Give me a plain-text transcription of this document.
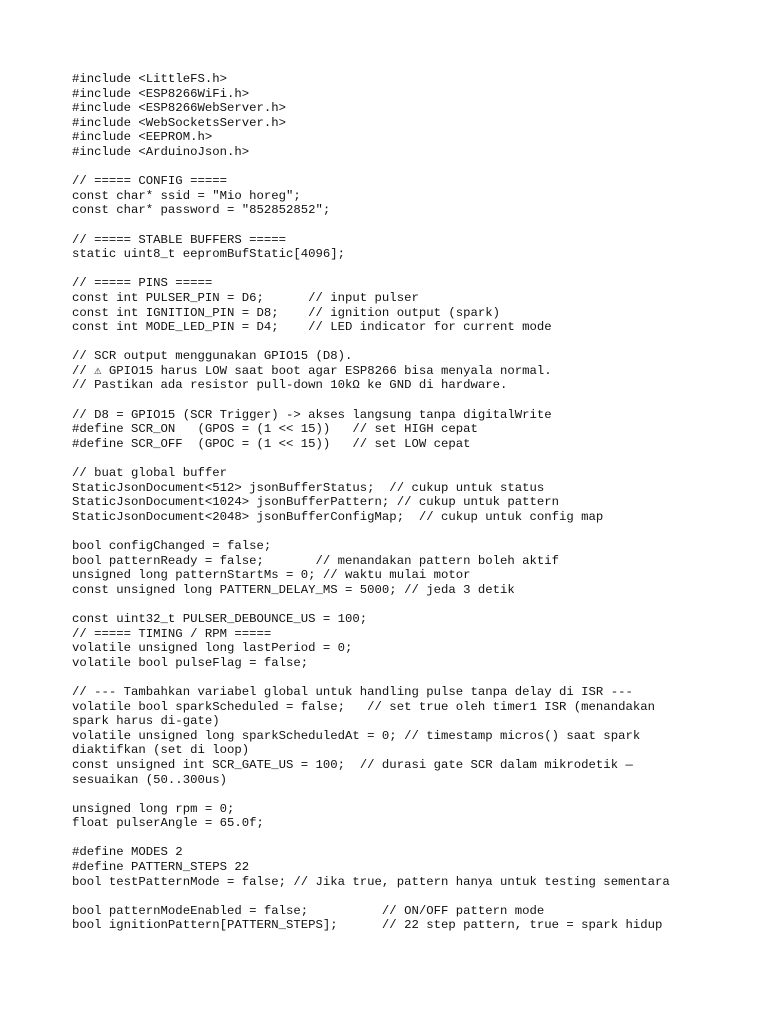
#include <LittleFS.h>
#include <ESP8266WiFi.h>
#include <ESP8266WebServer.h>
#include <WebSocketsServer.h>
#include <EEPROM.h>
#include <ArduinoJson.h>
// ===== CONFIG =====
const char* ssid = "Mio horeg";
const char* password = "852852852";
// ===== STABLE BUFFERS =====
static uint8_t eepromBufStatic[4096];
// ===== PINS =====
const int PULSER_PIN = D6;      // input pulser
const int IGNITION_PIN = D8;    // ignition output (spark)
const int MODE_LED_PIN = D4;    // LED indicator for current mode
// SCR output menggunakan GPIO15 (D8).
// ⚠ GPIO15 harus LOW saat boot agar ESP8266 bisa menyala normal.
// Pastikan ada resistor pull-down 10kΩ ke GND di hardware.
// D8 = GPIO15 (SCR Trigger) -> akses langsung tanpa digitalWrite
#define SCR_ON   (GPOS = (1 << 15))   // set HIGH cepat
#define SCR_OFF  (GPOC = (1 << 15))   // set LOW cepat
// buat global buffer
StaticJsonDocument<512> jsonBufferStatus;  // cukup untuk status
StaticJsonDocument<1024> jsonBufferPattern; // cukup untuk pattern
StaticJsonDocument<2048> jsonBufferConfigMap;  // cukup untuk config map
bool configChanged = false;
bool patternReady = false;       // menandakan pattern boleh aktif
unsigned long patternStartMs = 0; // waktu mulai motor
const unsigned long PATTERN_DELAY_MS = 5000; // jeda 3 detik
const uint32_t PULSER_DEBOUNCE_US = 100;
// ===== TIMING / RPM =====
volatile unsigned long lastPeriod = 0;
volatile bool pulseFlag = false;
// --- Tambahkan variabel global untuk handling pulse tanpa delay di ISR ---
volatile bool sparkScheduled = false;   // set true oleh timer1 ISR (menandakan
spark harus di-gate)
volatile unsigned long sparkScheduledAt = 0; // timestamp micros() saat spark
diaktifkan (set di loop)
const unsigned int SCR_GATE_US = 100;  // durasi gate SCR dalam mikrodetik —
sesuaikan (50..300us)
unsigned long rpm = 0;
float pulserAngle = 65.0f;
#define MODES 2
#define PATTERN_STEPS 22
bool testPatternMode = false; // Jika true, pattern hanya untuk testing sementara
bool patternModeEnabled = false;          // ON/OFF pattern mode
bool ignitionPattern[PATTERN_STEPS];      // 22 step pattern, true = spark hidup
